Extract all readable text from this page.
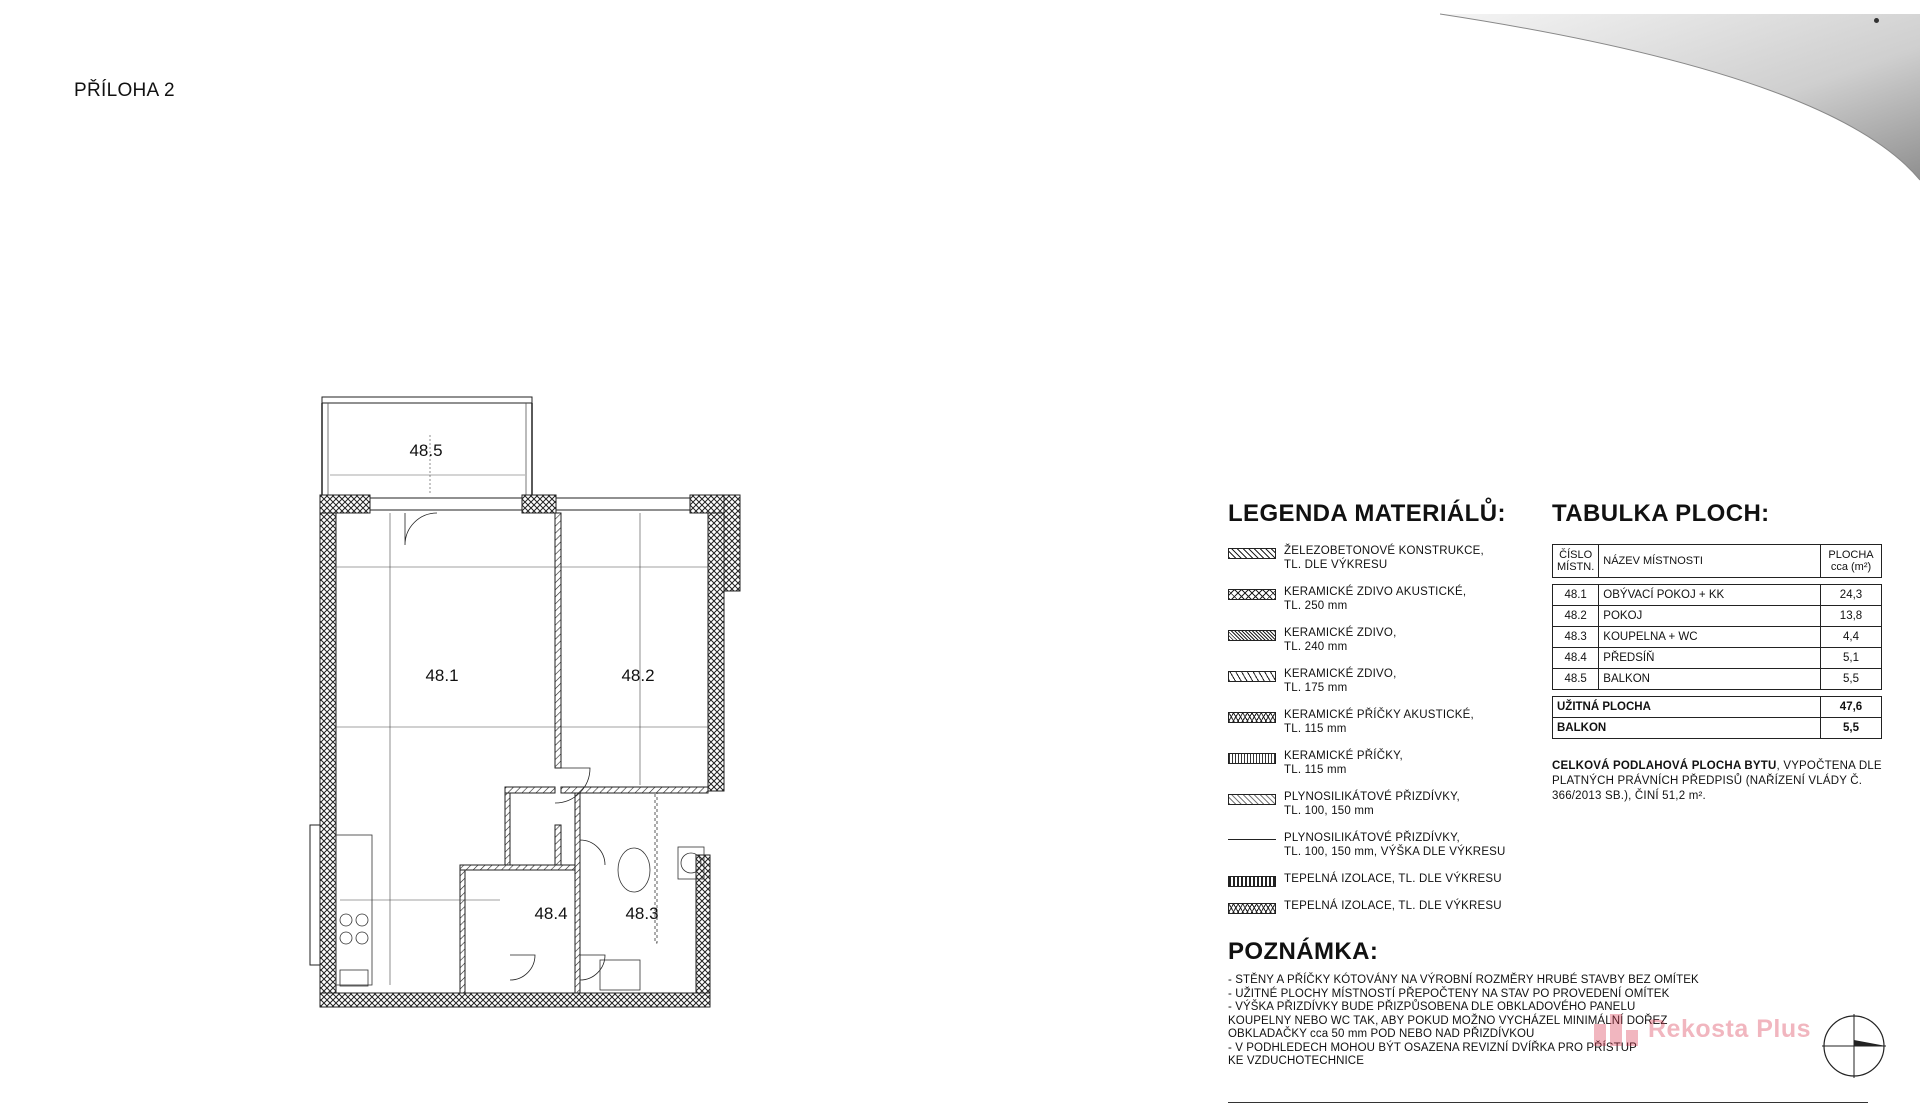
PŘÍLOHA 2
48.5
48.1	48.2
48.4	48.3
LEGENDA MATERIÁLŮ:
ŽELEZOBETONOVÉ KONSTRUKCE,
TL. DLE VÝKRESU
KERAMICKÉ ZDIVO AKUSTICKÉ,
TL. 250 mm
KERAMICKÉ ZDIVO,
TL. 240 mm
KERAMICKÉ ZDIVO,
TL. 175 mm
KERAMICKÉ PŘÍČKY AKUSTICKÉ,
TL. 115 mm
KERAMICKÉ PŘÍČKY,
TL. 115 mm
PLYNOSILIKÁTOVÉ PŘIZDÍVKY,
TL. 100, 150 mm
PLYNOSILIKÁTOVÉ PŘIZDÍVKY,
TL. 100, 150 mm, VÝŠKA DLE VÝKRESU
TEPELNÁ IZOLACE, TL. DLE VÝKRESU
TEPELNÁ IZOLACE, TL. DLE VÝKRESU
TABULKA PLOCH:
ČÍSLO
MÍSTN.	NÁZEV MÍSTNOSTI	PLOCHA
cca (m²)

48.1	OBÝVACÍ POKOJ + KK	24,3
48.2	POKOJ	13,8
48.3	KOUPELNA + WC	4,4
48.4	PŘEDSÍŇ	5,1
48.5	BALKON	5,5

UŽITNÁ PLOCHA		47,6
BALKON		5,5
CELKOVÁ PODLAHOVÁ PLOCHA BYTU, VYPOČTENA DLE PLATNÝCH PRÁVNÍCH PŘEDPISŮ (NAŘÍZENÍ VLÁDY Č. 366/2013 SB.), ČINÍ 51,2 m².
POZNÁMKA:
- STĚNY A PŘÍČKY KÓTOVÁNY NA VÝROBNÍ ROZMĚRY HRUBÉ STAVBY BEZ OMÍTEK
- UŽITNÉ PLOCHY MÍSTNOSTÍ PŘEPOČTENY NA STAV PO PROVEDENÍ OMÍTEK
- VÝŠKA PŘIZDÍVKY BUDE PŘIZPŮSOBENA DLE OBKLADOVÉHO PANELU
KOUPELNY NEBO WC TAK, ABY POKUD MOŽNO VYCHÁZEL MINIMÁLNÍ DOŘEZ
OBKLADAČKY cca 50 mm POD NEBO NAD PŘIZDÍVKOU
- V PODHLEDECH MOHOU BÝT OSAZENA REVIZNÍ DVÍŘKA PRO PŘÍSTUP
KE VZDUCHOTECHNICE
Rekosta Plus
